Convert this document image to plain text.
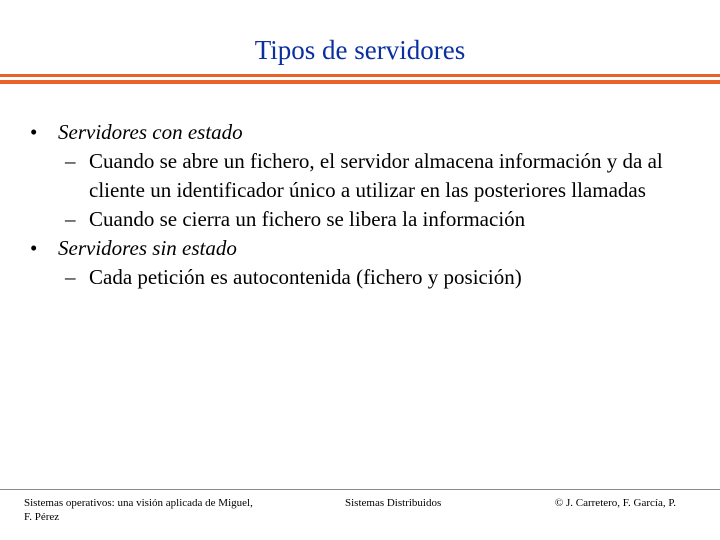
Tipos de servidores
• Servidores con estado
– Cuando se abre un fichero, el servidor almacena información y da al cliente un identificador único a utilizar en las posteriores llamadas
– Cuando se cierra un fichero se libera la información
• Servidores sin estado
– Cada petición es autocontenida (fichero y posición)
Sistemas operativos: una visión aplicada de Miguel, F. Pérez
Sistemas Distribuidos	© J. Carretero, F. García, P.
